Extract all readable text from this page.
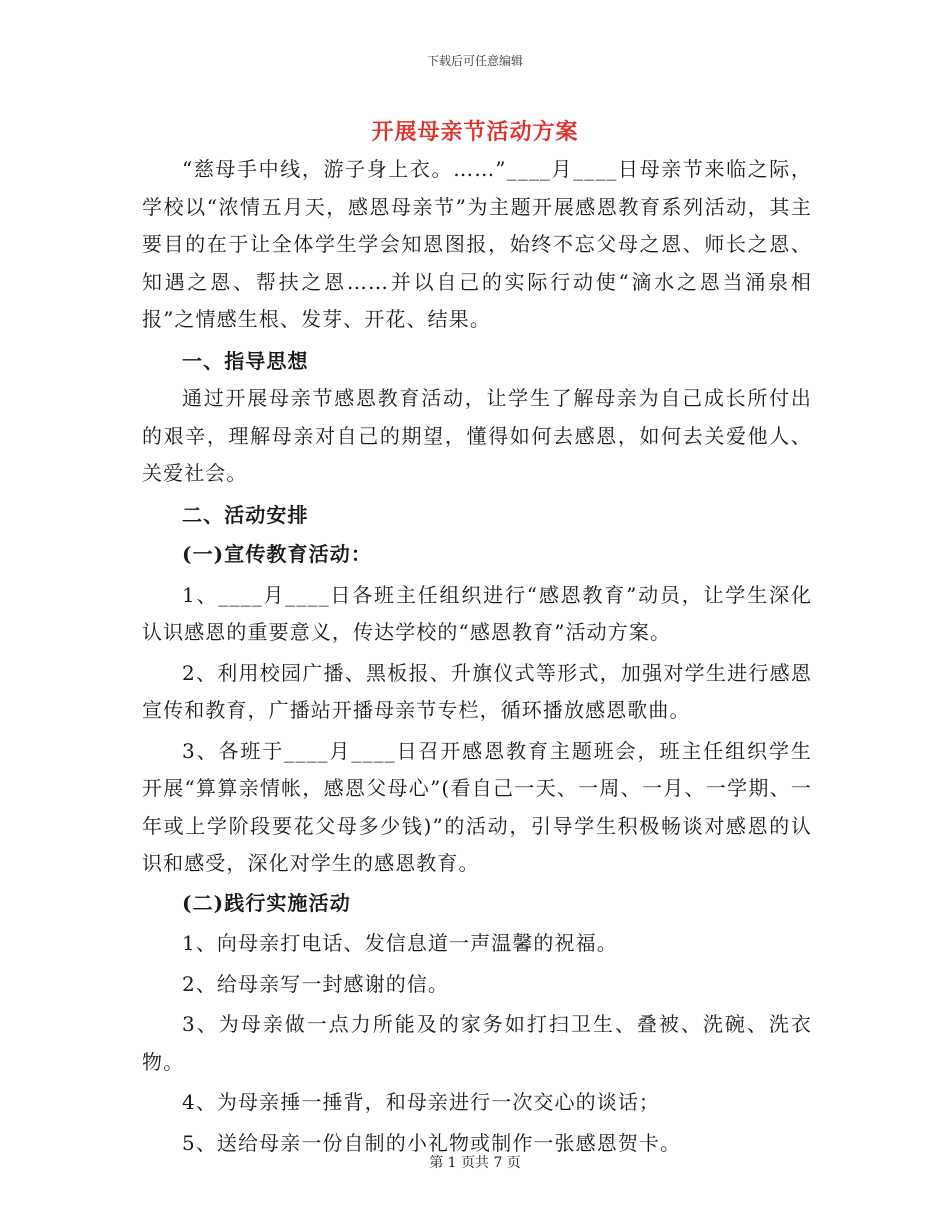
下载后可任意编辑
开展母亲节活动方案

“慈母手中线，游子身上衣。……”____月____日母亲节来临之际，学校以“浓情五月天，感恩母亲节”为主题开展感恩教育系列活动，其主要目的在于让全体学生学会知恩图报，始终不忘父母之恩、师长之恩、知遇之恩、帮扶之恩……并以自己的实际行动使“滴水之恩当涌泉相报”之情感生根、发芽、开花、结果。

一、指导思想

通过开展母亲节感恩教育活动，让学生了解母亲为自己成长所付出的艰辛，理解母亲对自己的期望，懂得如何去感恩，如何去关爱他人、关爱社会。

二、活动安排

(一)宣传教育活动：

1、____月____日各班主任组织进行“感恩教育”动员，让学生深化认识感恩的重要意义，传达学校的“感恩教育”活动方案。

2、利用校园广播、黑板报、升旗仪式等形式，加强对学生进行感恩宣传和教育，广播站开播母亲节专栏，循环播放感恩歌曲。

3、各班于____月____日召开感恩教育主题班会，班主任组织学生开展“算算亲情帐，感恩父母心”(看自己一天、一周、一月、一学期、一年或上学阶段要花父母多少钱)”的活动，引导学生积极畅谈对感恩的认识和感受，深化对学生的感恩教育。

(二)践行实施活动

1、向母亲打电话、发信息道一声温馨的祝福。

2、给母亲写一封感谢的信。

3、为母亲做一点力所能及的家务如打扫卫生、叠被、洗碗、洗衣物。

4、为母亲捶一捶背，和母亲进行一次交心的谈话；

5、送给母亲一份自制的小礼物或制作一张感恩贺卡。

第 1 页共 7 页
